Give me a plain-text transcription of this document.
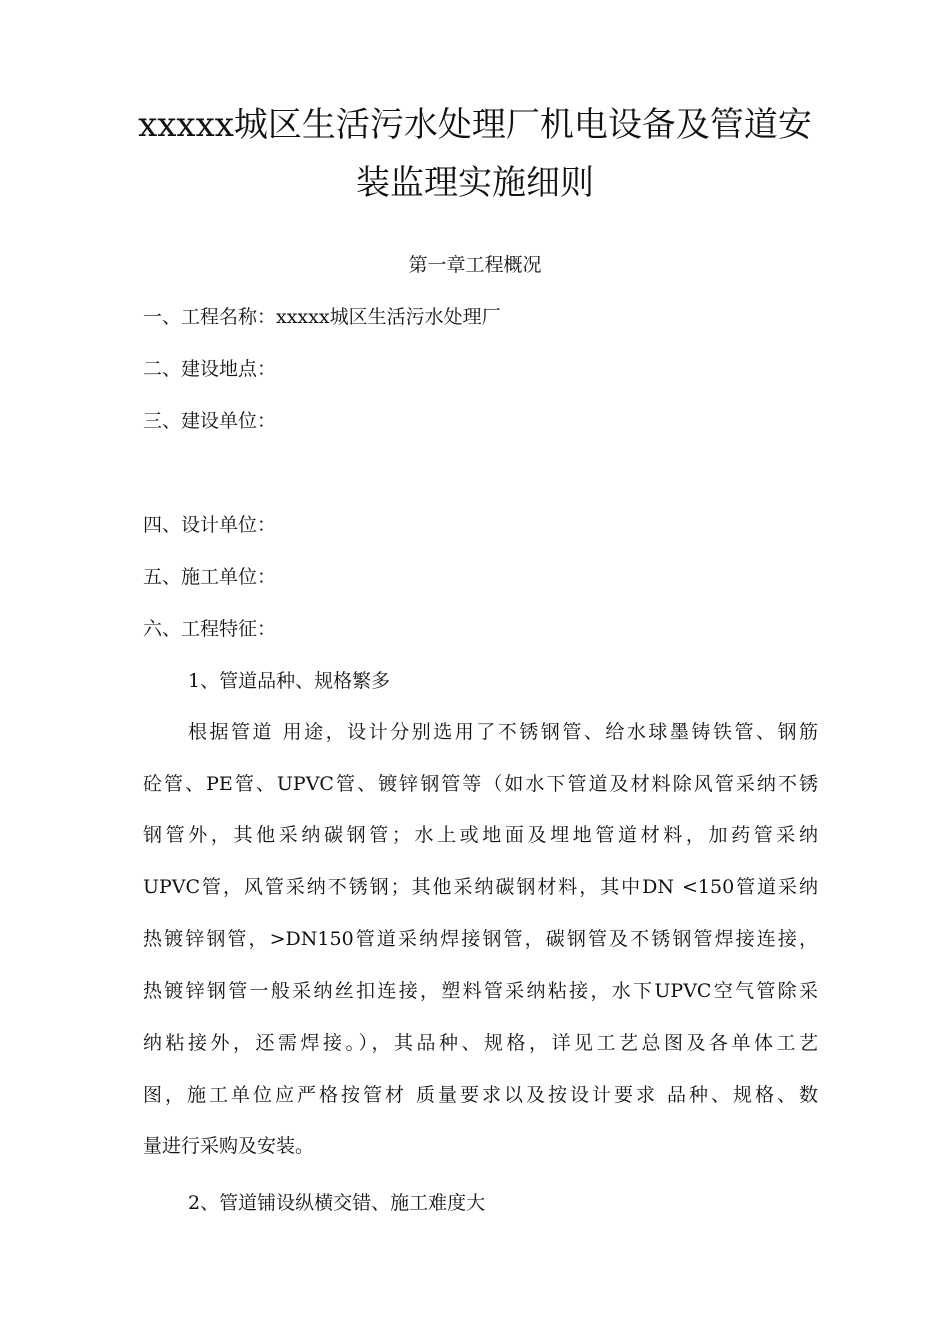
xxxxx城区生活污水处理厂机电设备及管道安
装监理实施细则
第一章工程概况
一、工程名称：xxxxx城区生活污水处理厂
二、建设地点：
三、建设单位：
四、设计单位：
五、施工单位：
六、工程特征：
1、管道品种、规格繁多
根据管道 用途，设计分别选用了不锈钢管、给水球墨铸铁管、钢筋
砼管、PE管、UPVC管、镀锌钢管等（如水下管道及材料除风管采纳不锈
钢管外，其他采纳碳钢管；水上或地面及埋地管道材料，加药管采纳
UPVC管，风管采纳不锈钢；其他采纳碳钢材料，其中DN <150管道采纳
热镀锌钢管，>DN150管道采纳焊接钢管，碳钢管及不锈钢管焊接连接，
热镀锌钢管一般采纳丝扣连接，塑料管采纳粘接，水下UPVC空气管除采
纳粘接外，还需焊接。），其品种、规格，详见工艺总图及各单体工艺
图，施工单位应严格按管材 质量要求以及按设计要求 品种、规格、数
量进行采购及安装。
2、管道铺设纵横交错、施工难度大
